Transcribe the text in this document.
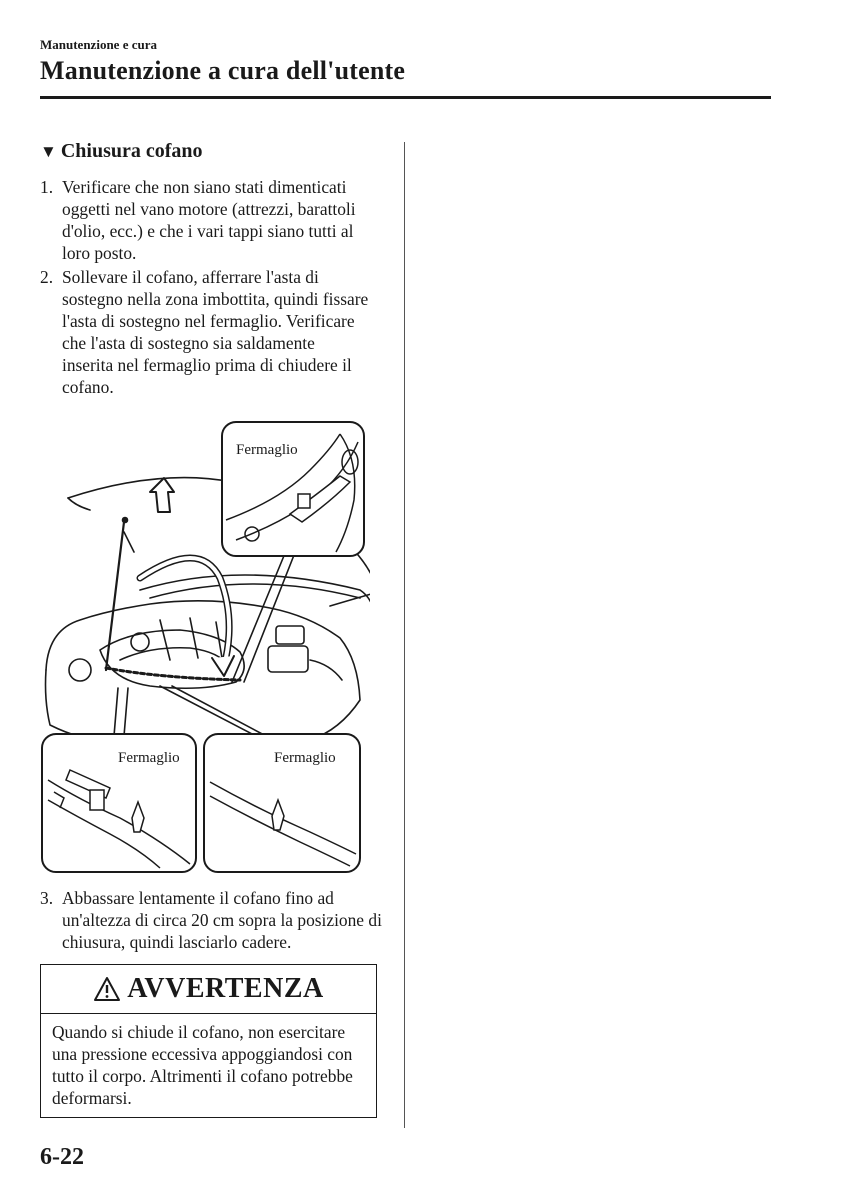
Manutenzione e cura
Manutenzione a cura dell'utente
▼ Chiusura cofano
1. Verificare che non siano stati dimenticati oggetti nel vano motore (attrezzi, barattoli d'olio, ecc.) e che i vari tappi siano tutti al loro posto.
2. Sollevare il cofano, afferrare l'asta di sostegno nella zona imbottita, quindi fissare l'asta di sostegno nel fermaglio. Verificare che l'asta di sostegno sia saldamente inserita nel fermaglio prima di chiudere il cofano.
Fermaglio
Fermaglio	Fermaglio
3. Abbassare lentamente il cofano fino ad un'altezza di circa 20 cm sopra la posizione di chiusura, quindi lasciarlo cadere.
AVVERTENZA
Quando si chiude il cofano, non esercitare una pressione eccessiva appoggiandosi con tutto il corpo. Altrimenti il cofano potrebbe deformarsi.
6-22
